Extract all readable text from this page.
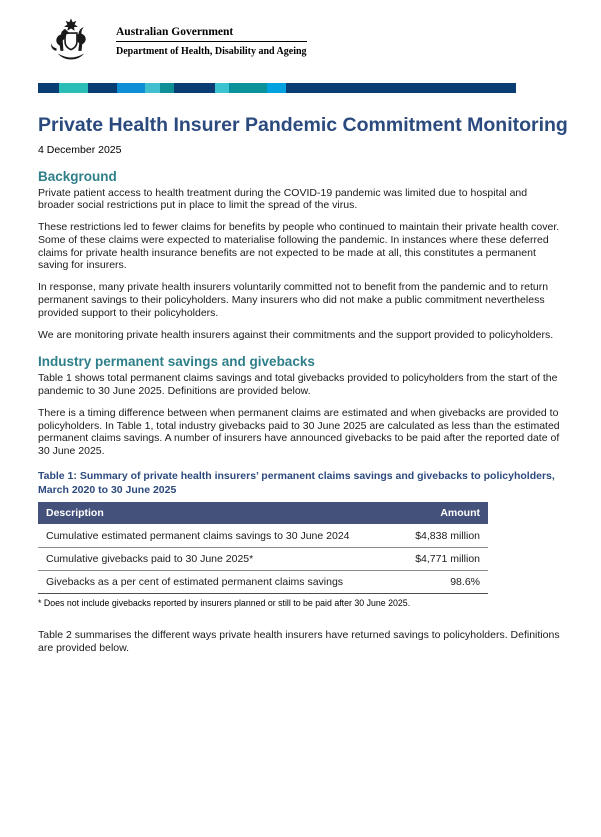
Australian Government
Department of Health, Disability and Ageing
Private Health Insurer Pandemic Commitment Monitoring
4 December 2025
Background

Private patient access to health treatment during the COVID-19 pandemic was limited due to hospital and broader social restrictions put in place to limit the spread of the virus.

These restrictions led to fewer claims for benefits by people who continued to maintain their private health cover. Some of these claims were expected to materialise following the pandemic. In instances where these deferred claims for private health insurance benefits are not expected to be made at all, this constitutes a permanent saving for insurers.

In response, many private health insurers voluntarily committed not to benefit from the pandemic and to return permanent savings to their policyholders. Many insurers who did not make a public commitment nevertheless provided support to their policyholders.

We are monitoring private health insurers against their commitments and the support provided to policyholders.

Industry permanent savings and givebacks

Table 1 shows total permanent claims savings and total givebacks provided to policyholders from the start of the pandemic to 30 June 2025. Definitions are provided below.

There is a timing difference between when permanent claims are estimated and when givebacks are provided to policyholders. In Table 1, total industry givebacks paid to 30 June 2025 are calculated as less than the estimated permanent claims savings. A number of insurers have announced givebacks to be paid after the reported date of 30 June 2025.

Table 1: Summary of private health insurers’ permanent claims savings and givebacks to policyholders, March 2020 to 30 June 2025
Description	Amount
Cumulative estimated permanent claims savings to 30 June 2024	$4,838 million
Cumulative givebacks paid to 30 June 2025*	$4,771 million
Givebacks as a per cent of estimated permanent claims savings	98.6%
* Does not include givebacks reported by insurers planned or still to be paid after 30 June 2025.

Table 2 summarises the different ways private health insurers have returned savings to policyholders. Definitions are provided below.
